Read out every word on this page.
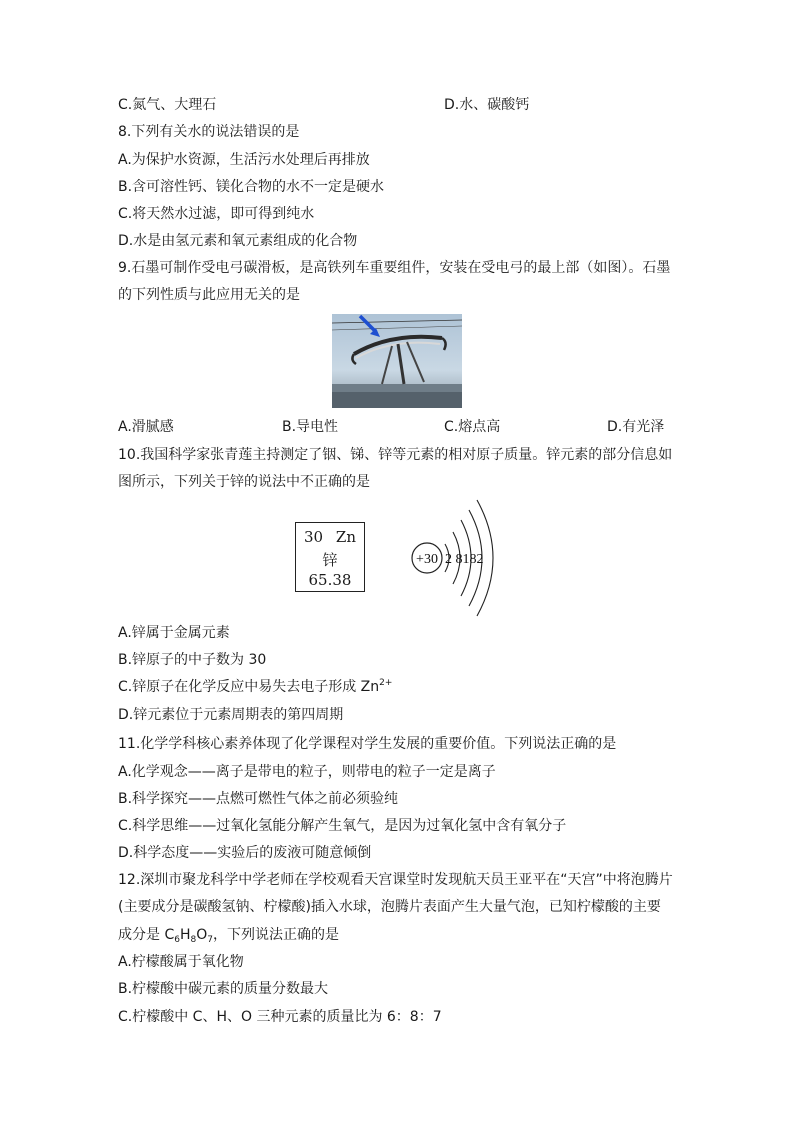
C.氮气、大理石	D.水、碳酸钙
8.下列有关水的说法错误的是
A.为保护水资源，生活污水处理后再排放
B.含可溶性钙、镁化合物的水不一定是硬水
C.将天然水过滤，即可得到纯水
D.水是由氢元素和氧元素组成的化合物
9.石墨可制作受电弓碳滑板，是高铁列车重要组件，安装在受电弓的最上部（如图）。石墨
的下列性质与此应用无关的是
A.滑腻感	B.导电性	C.熔点高	D.有光泽
10.我国科学家张青莲主持测定了铟、锑、锌等元素的相对原子质量。锌元素的部分信息如
图所示，下列关于锌的说法中不正确的是
30 Zn
锌
65.38
+30 2 8182
A.锌属于金属元素
B.锌原子的中子数为 30
C.锌原子在化学反应中易失去电子形成 $Zn^{2+}$
D.锌元素位于元素周期表的第四周期
11.化学学科核心素养体现了化学课程对学生发展的重要价值。下列说法正确的是
A.化学观念——离子是带电的粒子，则带电的粒子一定是离子
B.科学探究——点燃可燃性气体之前必须验纯
C.科学思维——过氧化氢能分解产生氧气，是因为过氧化氢中含有氧分子
D.科学态度——实验后的废液可随意倾倒
12.深圳市聚龙科学中学老师在学校观看天宫课堂时发现航天员王亚平在“天宫”中将泡腾片
(主要成分是碳酸氢钠、柠檬酸)插入水球，泡腾片表面产生大量气泡，已知柠檬酸的主要
成分是 $C_6H_8O_7$，下列说法正确的是
A.柠檬酸属于氧化物
B.柠檬酸中碳元素的质量分数最大
C.柠檬酸中 C、H、O 三种元素的质量比为 6：8：7
